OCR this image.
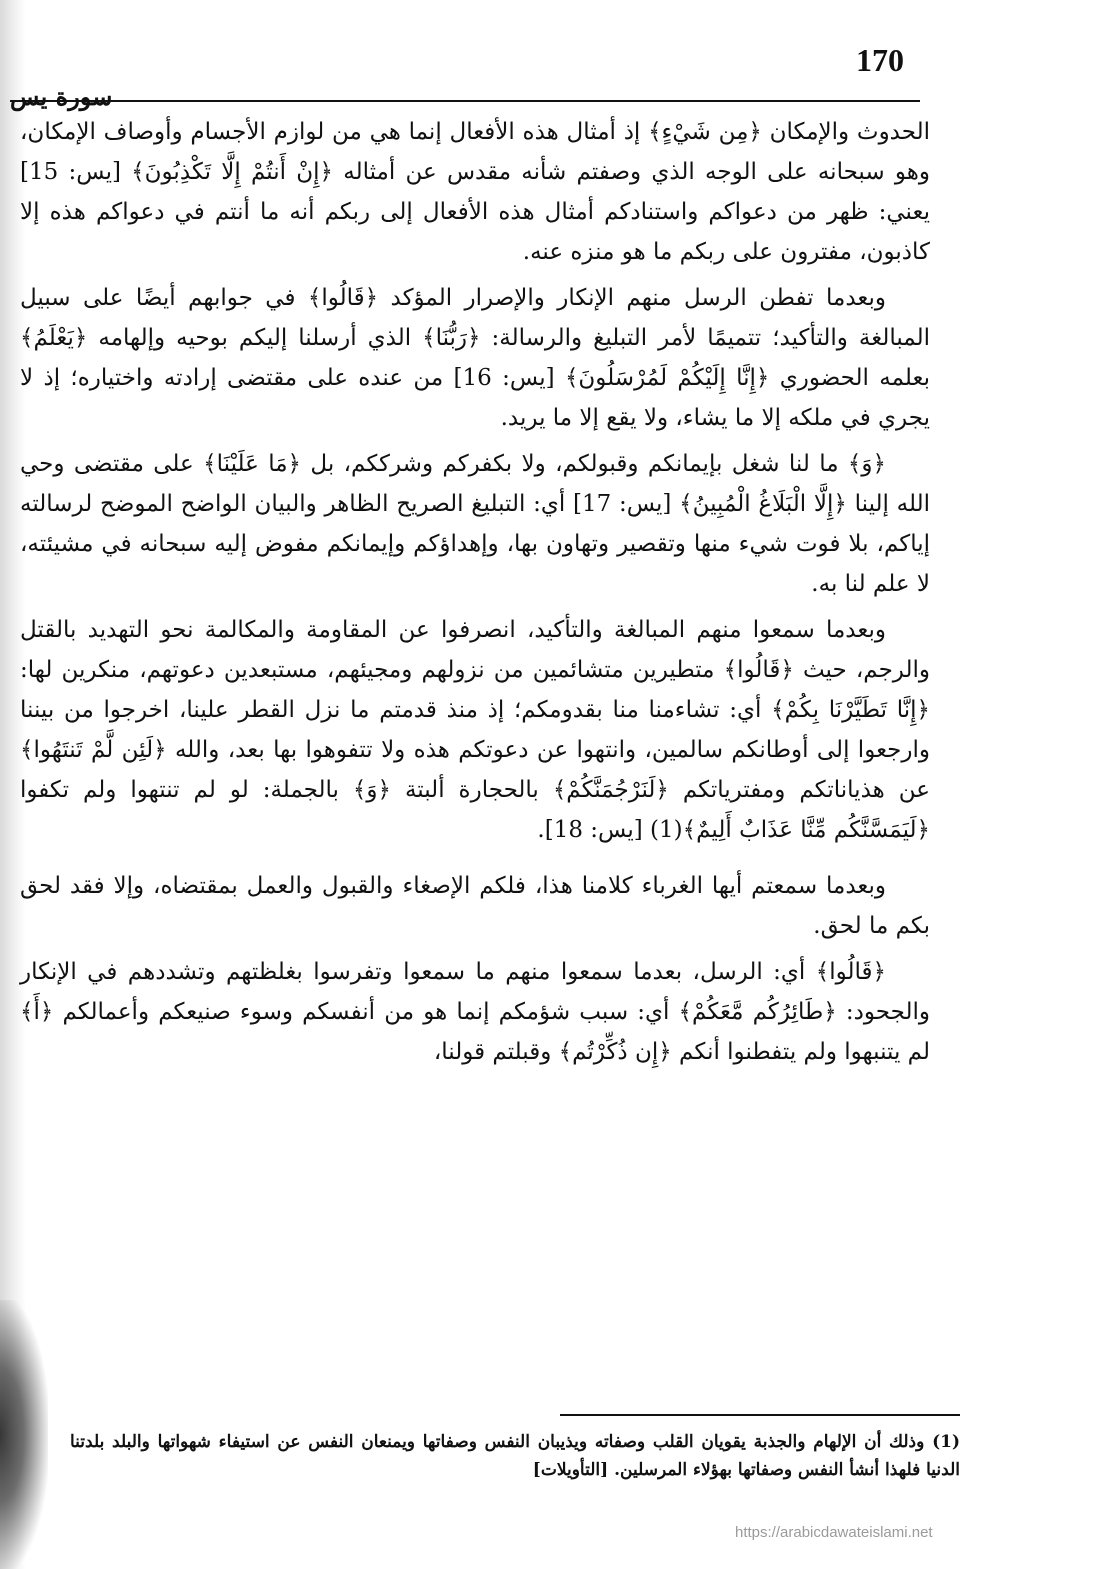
170
سورة يس

الحدوث والإمكان ﴿مِن شَيْءٍ﴾ إذ أمثال هذه الأفعال إنما هي من لوازم الأجسام وأوصاف الإمكان، وهو سبحانه على الوجه الذي وصفتم شأنه مقدس عن أمثاله ﴿إِنْ أَنتُمْ إِلَّا تَكْذِبُونَ﴾ [يس: 15] يعني: ظهر من دعواكم واستنادكم أمثال هذه الأفعال إلى ربكم أنه ما أنتم في دعواكم هذه إلا كاذبون، مفترون على ربكم ما هو منزه عنه.

وبعدما تفطن الرسل منهم الإنكار والإصرار المؤكد ﴿قَالُوا﴾ في جوابهم أيضًا على سبيل المبالغة والتأكيد؛ تتميمًا لأمر التبليغ والرسالة: ﴿رَبُّنَا﴾ الذي أرسلنا إليكم بوحيه وإلهامه ﴿يَعْلَمُ﴾ بعلمه الحضوري ﴿إِنَّا إِلَيْكُمْ لَمُرْسَلُونَ﴾ [يس: 16] من عنده على مقتضى إرادته واختياره؛ إذ لا يجري في ملكه إلا ما يشاء، ولا يقع إلا ما يريد.

﴿وَ﴾ ما لنا شغل بإيمانكم وقبولكم، ولا بكفركم وشرككم، بل ﴿مَا عَلَيْنَا﴾ على مقتضى وحي الله إلينا ﴿إِلَّا الْبَلَاغُ الْمُبِينُ﴾ [يس: 17] أي: التبليغ الصريح الظاهر والبيان الواضح الموضح لرسالته إياكم، بلا فوت شيء منها وتقصير وتهاون بها، وإهداؤكم وإيمانكم مفوض إليه سبحانه في مشيئته، لا علم لنا به.

وبعدما سمعوا منهم المبالغة والتأكيد، انصرفوا عن المقاومة والمكالمة نحو التهديد بالقتل والرجم، حيث ﴿قَالُوا﴾ متطيرين متشائمين من نزولهم ومجيئهم، مستبعدين دعوتهم، منكرين لها: ﴿إِنَّا تَطَيَّرْنَا بِكُمْ﴾ أي: تشاءمنا منا بقدومكم؛ إذ منذ قدمتم ما نزل القطر علينا، اخرجوا من بيننا وارجعوا إلى أوطانكم سالمين، وانتهوا عن دعوتكم هذه ولا تتفوهوا بها بعد، والله ﴿لَئِن لَّمْ تَنتَهُوا﴾ عن هذياناتكم ومفترياتكم ﴿لَنَرْجُمَنَّكُمْ﴾ بالحجارة ألبتة ﴿وَ﴾ بالجملة: لو لم تنتهوا ولم تكفوا ﴿لَيَمَسَّنَّكُم مِّنَّا عَذَابٌ أَلِيمٌ﴾(1) [يس: 18].

وبعدما سمعتم أيها الغرباء كلامنا هذا، فلكم الإصغاء والقبول والعمل بمقتضاه، وإلا فقد لحق بكم ما لحق.

﴿قَالُوا﴾ أي: الرسل، بعدما سمعوا منهم ما سمعوا وتفرسوا بغلظتهم وتشددهم في الإنكار والجحود: ﴿طَائِرُكُم مَّعَكُمْ﴾ أي: سبب شؤمكم إنما هو من أنفسكم وسوء صنيعكم وأعمالكم ﴿أَ﴾ لم يتنبهوا ولم يتفطنوا أنكم ﴿إِن ذُكِّرْتُم﴾ وقبلتم قولنا،

(1) وذلك أن الإلهام والجذبة يقويان القلب وصفاته ويذيبان النفس وصفاتها ويمنعان النفس عن استيفاء شهواتها والبلد بلدتنا الدنيا فلهذا أنشأ النفس وصفاتها بهؤلاء المرسلين. [التأويلات]
https://arabicdawateislami.net
